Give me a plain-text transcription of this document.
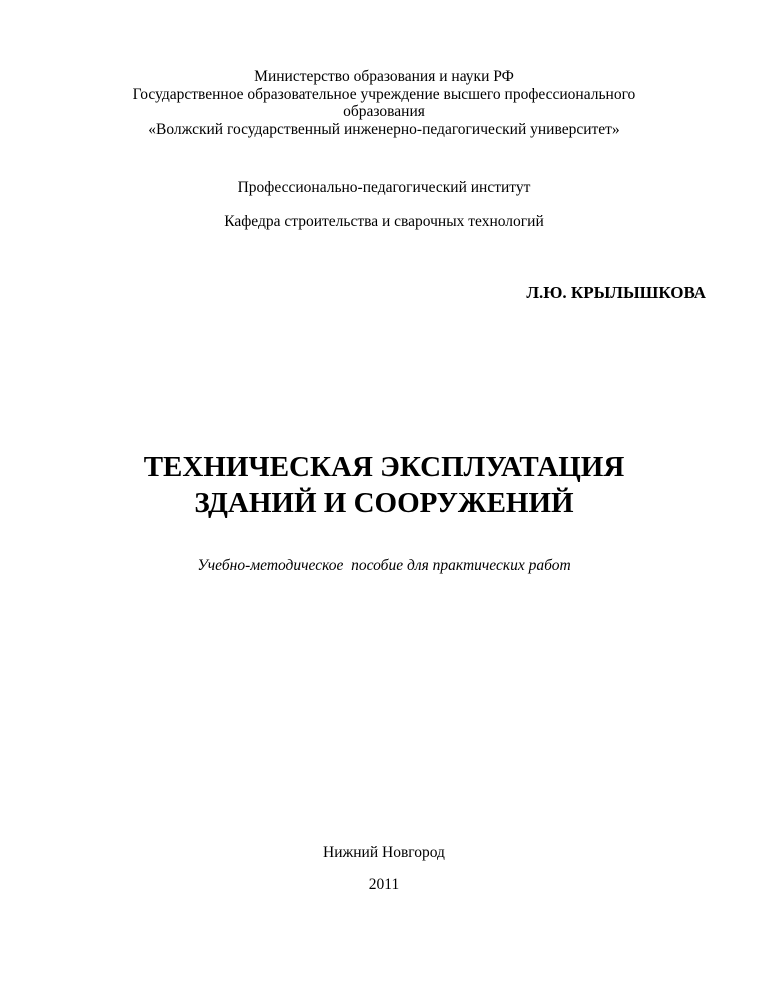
Министерство образования и науки РФ
Государственное образовательное учреждение высшего профессионального
образования
«Волжский государственный инженерно-педагогический университет»
Профессионально-педагогический институт
Кафедра строительства и сварочных технологий
Л.Ю. КРЫЛЫШКОВА
ТЕХНИЧЕСКАЯ ЭКСПЛУАТАЦИЯ
ЗДАНИЙ И СООРУЖЕНИЙ
Учебно-методическое  пособие для практических работ
Нижний Новгород
2011
